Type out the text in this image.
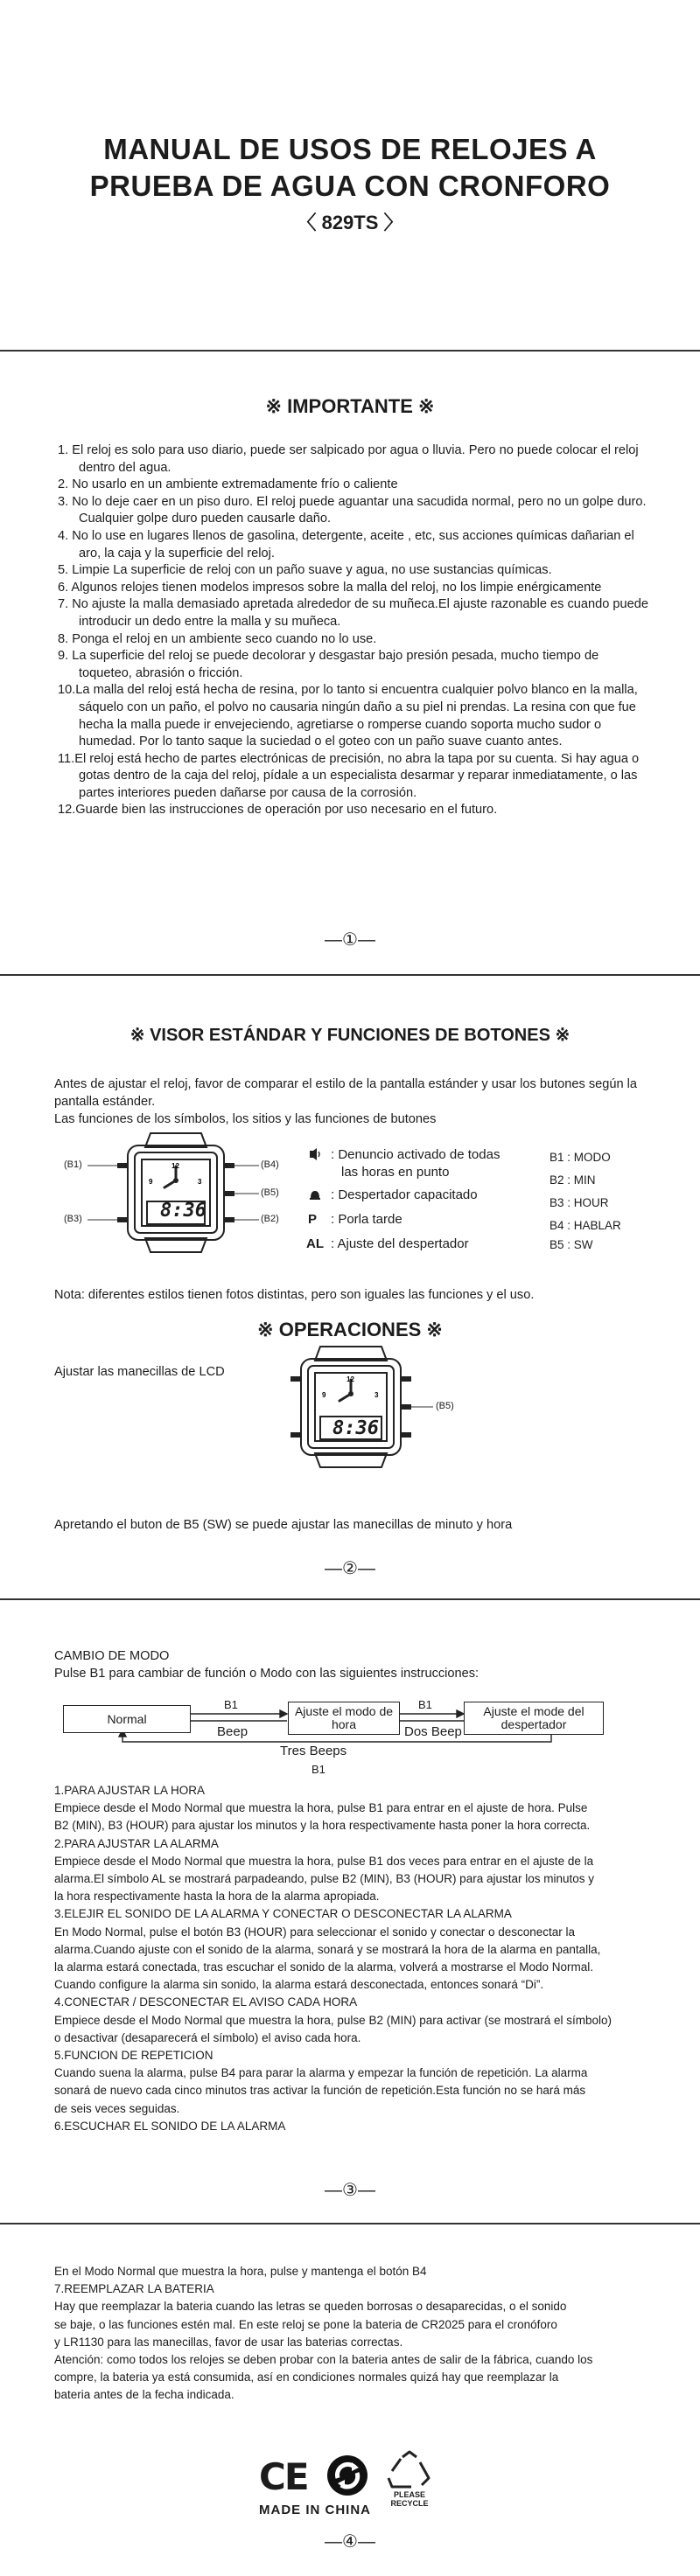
MANUAL DE USOS DE RELOJES A
PRUEBA DE AGUA CON CRONFORO
〈 829TS 〉
※ IMPORTANTE ※
1. El reloj es solo para uso diario, puede ser salpicado por agua o lluvia. Pero no puede colocar el reloj dentro del agua.
2. No usarlo en un ambiente extremadamente frío o caliente
3. No lo deje caer en un piso duro. El reloj puede aguantar una sacudida normal, pero no un golpe duro. Cualquier golpe duro pueden causarle daño.
4. No lo use en lugares llenos de gasolina, detergente, aceite , etc, sus acciones químicas dañarian el aro, la caja y la superficie del reloj.
5. Limpie La superficie de reloj con un paño suave y agua, no use sustancias químicas.
6. Algunos relojes tienen modelos impresos sobre la malla del reloj, no los limpie enérgicamente
7. No ajuste la malla demasiado apretada alrededor de su muñeca.El ajuste razonable es cuando puede introducir un dedo entre la malla y su muñeca.
8. Ponga el reloj en un ambiente seco cuando no lo use.
9. La superficie del reloj se puede decolorar y desgastar bajo presión pesada, mucho tiempo de toqueteo, abrasión o fricción.
10.La malla del reloj está hecha de resina, por lo tanto si encuentra cualquier polvo blanco en la malla, sáquelo con un paño, el polvo no causaria ningún daño a su piel ni prendas. La resina con que fue hecha la malla puede ir envejeciendo, agretiarse o romperse cuando soporta mucho sudor o humedad. Por lo tanto saque la suciedad o el goteo con un paño suave cuanto antes.
11.El reloj está hecho de partes electrónicas de precisión, no abra la tapa por su cuenta. Si hay agua o gotas dentro de la caja del reloj, pídale a un especialista desarmar y reparar inmediatamente, o las partes interiores pueden dañarse por causa de la corrosión.
12.Guarde bien las instrucciones de operación por uso necesario en el futuro.
—①—
※ VISOR ESTÁNDAR Y FUNCIONES DE BOTONES ※
Antes de ajustar el reloj, favor de comparar el estilo de la pantalla estánder y usar los butones según la pantalla estánder.
Las funciones de los símbolos, los sitios y las funciones de butones
12
9	3
8:36
(B1)
(B3)
(B4)
(B5)
(B2)
: Denuncio activado de todas
las horas en punto
: Despertador capacitado
P : Porla tarde
AL : Ajuste del despertador
B1 : MODO
B2 : MIN
B3 : HOUR
B4 : HABLAR
B5 : SW
Nota: diferentes estilos tienen fotos distintas, pero son iguales las funciones y el uso.
※ OPERACIONES ※
Ajustar las manecillas de LCD
12
9	3
8:36
(B5)
Apretando el buton de B5 (SW) se puede ajustar las manecillas de minuto y hora
—②—
CAMBIO DE MODO
Pulse B1 para cambiar de función o Modo con las siguientes instrucciones:
Normal
Ajuste el modo de hora
Ajuste el mode del despertador
B1
Beep
B1
Dos Beep
Tres Beeps
B1
1.PARA AJUSTAR LA HORA
Empiece desde el Modo Normal que muestra la hora, pulse B1 para entrar en el ajuste de hora. Pulse
B2 (MIN), B3 (HOUR) para ajustar los minutos y la hora respectivamente hasta poner la hora correcta.
2.PARA AJUSTAR LA ALARMA
Empiece desde el Modo Normal que muestra la hora, pulse B1 dos veces para entrar en el ajuste de la
alarma.El símbolo AL se mostrará parpadeando, pulse B2 (MIN), B3 (HOUR) para ajustar los minutos y
la hora respectivamente hasta la hora de la alarma apropiada.
3.ELEJIR EL SONIDO DE LA ALARMA Y CONECTAR O DESCONECTAR LA ALARMA
En Modo Normal, pulse el botón B3 (HOUR) para seleccionar el sonido y conectar o desconectar la
alarma.Cuando ajuste con el sonido de la alarma, sonará y se mostrará la hora de la alarma en pantalla,
la alarma estará conectada, tras escuchar el sonido de la alarma, volverá a mostrarse el Modo Normal.
Cuando configure la alarma sin sonido, la alarma estará desconectada, entonces sonará “Di”.
4.CONECTAR / DESCONECTAR EL AVISO CADA HORA
Empiece desde el Modo Normal que muestra la hora, pulse B2 (MIN) para activar (se mostrará el símbolo)
o desactivar (desaparecerá el símbolo) el aviso cada hora.
5.FUNCION DE REPETICION
Cuando suena la alarma, pulse B4 para parar la alarma y empezar la función de repetición. La alarma
sonará de nuevo cada cinco minutos tras activar la función de repetición.Esta función no se hará más
de seis veces seguidas.
6.ESCUCHAR EL SONIDO DE LA ALARMA
—③—
En el Modo Normal que muestra la hora, pulse y mantenga el botón B4
7.REEMPLAZAR LA BATERIA
Hay que reemplazar la bateria cuando las letras se queden borrosas o desaparecidas, o el sonido
se baje, o las funciones estén mal. En este reloj se pone la bateria de CR2025 para el cronóforo
y LR1130 para las manecillas, favor de usar las baterias correctas.
Atención: como todos los relojes se deben probar con la bateria antes de salir de la fábrica, cuando los
compre, la bateria ya está consumida, así en condiciones normales quizá hay que reemplazar la
bateria antes de la fecha indicada.
CE	PLEASE
RECYCLE
MADE IN CHINA
—④—
